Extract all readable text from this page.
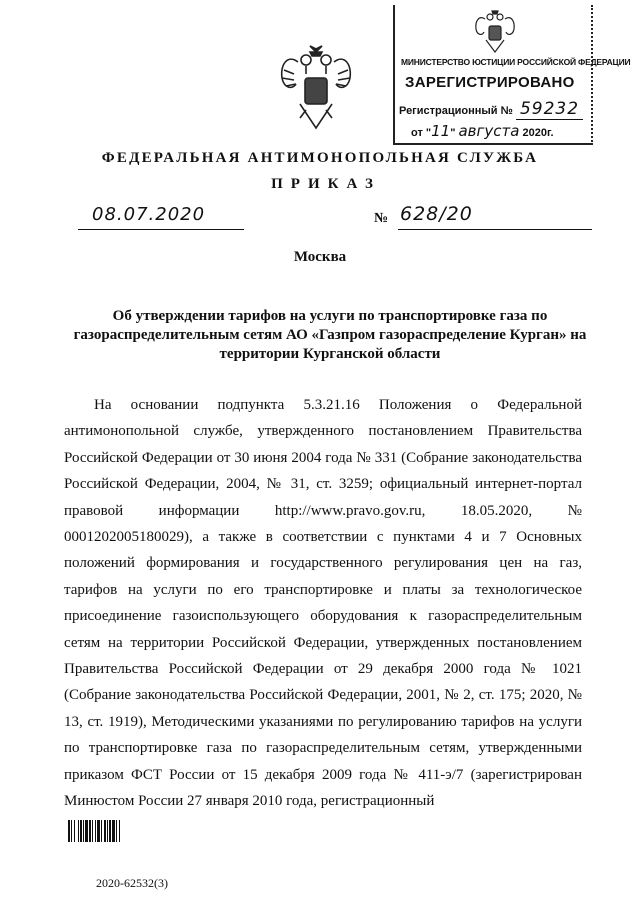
МИНИСТЕРСТВО ЮСТИЦИИ РОССИЙСКОЙ ФЕДЕРАЦИИ
ЗАРЕГИСТРИРОВАНО
Регистрационный № 59232
от "11" августа 2020г.
ФЕДЕРАЛЬНАЯ АНТИМОНОПОЛЬНАЯ СЛУЖБА
ПРИКАЗ
08.07.2020	№ 628/20
Москва
Об утверждении тарифов на услуги по транспортировке газа по газораспределительным сетям АО «Газпром газораспределение Курган» на территории Курганской области
На основании подпункта 5.3.21.16 Положения о Федеральной антимонопольной службе, утвержденного постановлением Правительства Российской Федерации от 30 июня 2004 года № 331 (Собрание законодательства Российской Федерации, 2004, № 31, ст. 3259; официальный интернет-портал правовой информации http://www.pravo.gov.ru, 18.05.2020, № 0001202005180029), а также в соответствии с пунктами 4 и 7 Основных положений формирования и государственного регулирования цен на газ, тарифов на услуги по его транспортировке и платы за технологическое присоединение газоиспользующего оборудования к газораспределительным сетям на территории Российской Федерации, утвержденных постановлением Правительства Российской Федерации от 29 декабря 2000 года № 1021 (Собрание законодательства Российской Федерации, 2001, № 2, ст. 175; 2020, № 13, ст. 1919), Методическими указаниями по регулированию тарифов на услуги по транспортировке газа по газораспределительным сетям, утвержденными приказом ФСТ России от 15 декабря 2009 года № 411-э/7 (зарегистрирован Минюстом России 27 января 2010 года, регистрационный
2020-62532(3)
